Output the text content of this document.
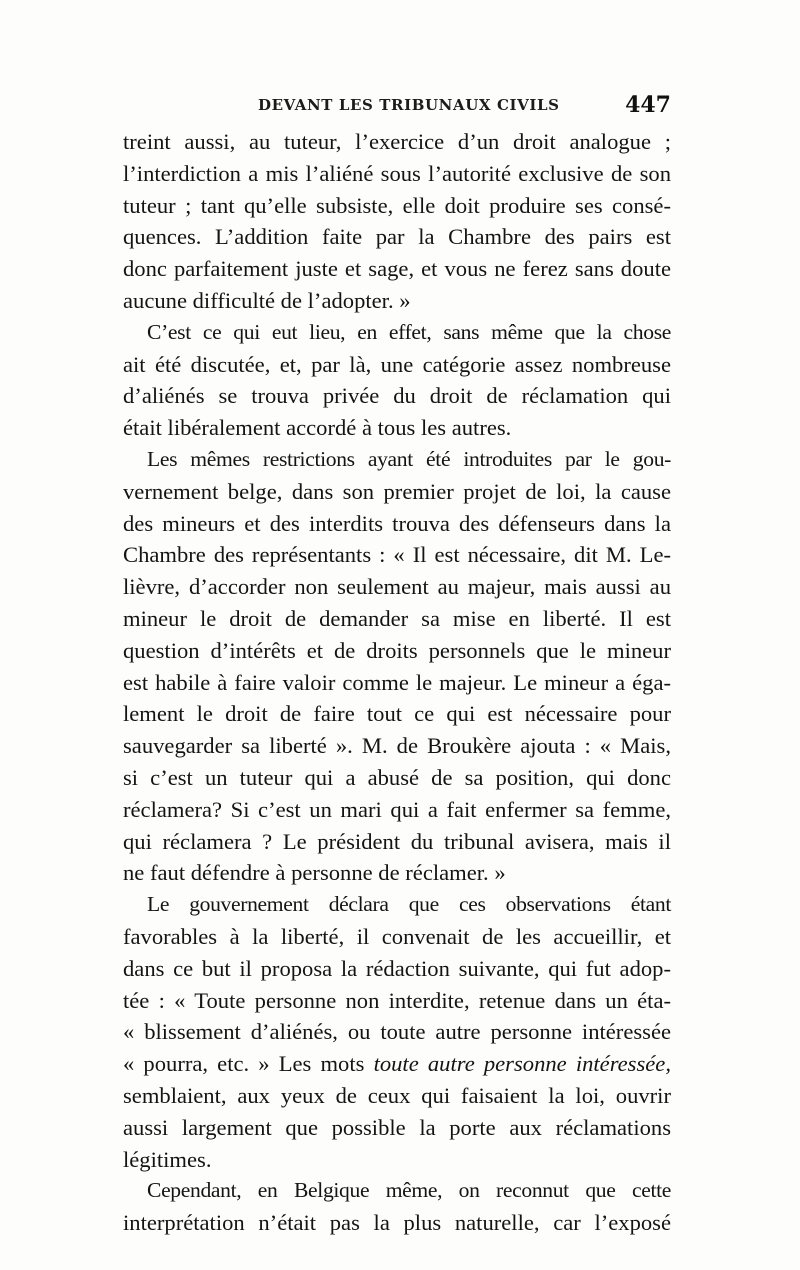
DEVANT LES TRIBUNAUX CIVILS	447

treint aussi, au tuteur, l’exercice d’un droit analogue ;
l’interdiction a mis l’aliéné sous l’autorité exclusive de son
tuteur ; tant qu’elle subsiste, elle doit produire ses consé-
quences. L’addition faite par la Chambre des pairs est
donc parfaitement juste et sage, et vous ne ferez sans doute
aucune difficulté de l’adopter. »

C’est ce qui eut lieu, en effet, sans même que la chose
ait été discutée, et, par là, une catégorie assez nombreuse
d’aliénés se trouva privée du droit de réclamation qui
était libéralement accordé à tous les autres.

Les mêmes restrictions ayant été introduites par le gou-
vernement belge, dans son premier projet de loi, la cause
des mineurs et des interdits trouva des défenseurs dans la
Chambre des représentants : « Il est nécessaire, dit M. Le-
lièvre, d’accorder non seulement au majeur, mais aussi au
mineur le droit de demander sa mise en liberté. Il est
question d’intérêts et de droits personnels que le mineur
est habile à faire valoir comme le majeur. Le mineur a éga-
lement le droit de faire tout ce qui est nécessaire pour
sauvegarder sa liberté ». M. de Broukère ajouta : « Mais,
si c’est un tuteur qui a abusé de sa position, qui donc
réclamera? Si c’est un mari qui a fait enfermer sa femme,
qui réclamera ? Le président du tribunal avisera, mais il
ne faut défendre à personne de réclamer. »

Le gouvernement déclara que ces observations étant
favorables à la liberté, il convenait de les accueillir, et
dans ce but il proposa la rédaction suivante, qui fut adop-
tée : « Toute personne non interdite, retenue dans un éta-
« blissement d’aliénés, ou toute autre personne intéressée
« pourra, etc. » Les mots toute autre personne intéressée,
semblaient, aux yeux de ceux qui faisaient la loi, ouvrir
aussi largement que possible la porte aux réclamations
légitimes.

Cependant, en Belgique même, on reconnut que cette
interprétation n’était pas la plus naturelle, car l’exposé
